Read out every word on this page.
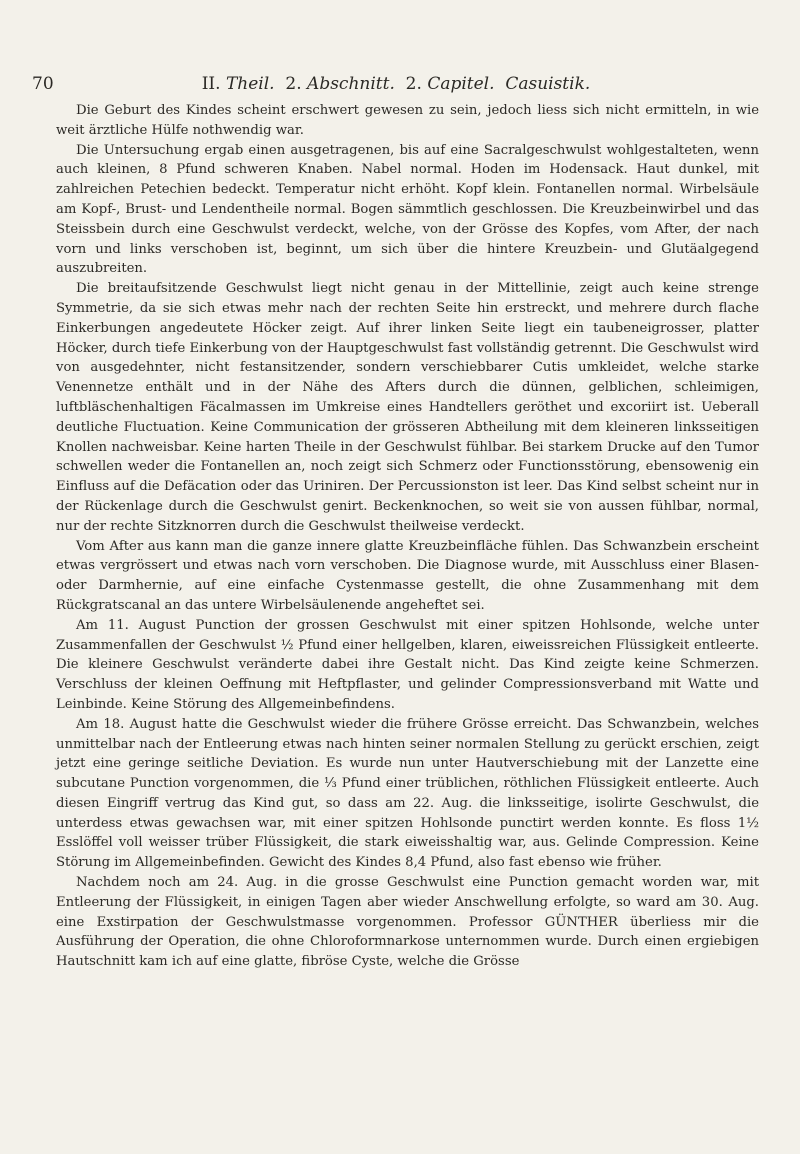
70	II. Theil. 2. Abschnitt. 2. Capitel. Casuistik.

Die Geburt des Kindes scheint erschwert gewesen zu sein, jedoch liess sich nicht ermitteln, in wie weit ärztliche Hülfe nothwendig war.

Die Untersuchung ergab einen ausgetragenen, bis auf eine Sacralgeschwulst wohlgestalteten, wenn auch kleinen, 8 Pfund schweren Knaben. Nabel normal. Hoden im Hodensack. Haut dunkel, mit zahlreichen Petechien bedeckt. Temperatur nicht erhöht. Kopf klein. Fontanellen normal. Wirbelsäule am Kopf-, Brust- und Lendentheile normal. Bogen sämmtlich geschlossen. Die Kreuzbeinwirbel und das Steissbein durch eine Geschwulst verdeckt, welche, von der Grösse des Kopfes, vom After, der nach vorn und links verschoben ist, beginnt, um sich über die hintere Kreuzbein- und Glutäalgegend auszubreiten.

Die breitaufsitzende Geschwulst liegt nicht genau in der Mittellinie, zeigt auch keine strenge Symmetrie, da sie sich etwas mehr nach der rechten Seite hin erstreckt, und mehrere durch flache Einkerbungen angedeutete Höcker zeigt. Auf ihrer linken Seite liegt ein taubeneigrosser, platter Höcker, durch tiefe Einkerbung von der Hauptgeschwulst fast vollständig getrennt. Die Geschwulst wird von ausgedehnter, nicht festansitzender, sondern verschiebbarer Cutis umkleidet, welche starke Venennetze enthält und in der Nähe des Afters durch die dünnen, gelblichen, schleimigen, luftbläschenhaltigen Fäcalmassen im Umkreise eines Handtellers geröthet und excoriirt ist. Ueberall deutliche Fluctuation. Keine Communication der grösseren Abtheilung mit dem kleineren linksseitigen Knollen nachweisbar. Keine harten Theile in der Geschwulst fühlbar. Bei starkem Drucke auf den Tumor schwellen weder die Fontanellen an, noch zeigt sich Schmerz oder Functionsstörung, ebensowenig ein Einfluss auf die Defäcation oder das Uriniren. Der Percussionston ist leer. Das Kind selbst scheint nur in der Rückenlage durch die Geschwulst genirt. Beckenknochen, so weit sie von aussen fühlbar, normal, nur der rechte Sitzknorren durch die Geschwulst theilweise verdeckt.

Vom After aus kann man die ganze innere glatte Kreuzbeinfläche fühlen. Das Schwanzbein erscheint etwas vergrössert und etwas nach vorn verschoben. Die Diagnose wurde, mit Ausschluss einer Blasen- oder Darmhernie, auf eine einfache Cystenmasse gestellt, die ohne Zusammenhang mit dem Rückgratscanal an das untere Wirbelsäulenende angeheftet sei.

Am 11. August Punction der grossen Geschwulst mit einer spitzen Hohlsonde, welche unter Zusammenfallen der Geschwulst ½ Pfund einer hellgelben, klaren, eiweissreichen Flüssigkeit entleerte. Die kleinere Geschwulst veränderte dabei ihre Gestalt nicht. Das Kind zeigte keine Schmerzen. Verschluss der kleinen Oeffnung mit Heftpflaster, und gelinder Compressionsverband mit Watte und Leinbinde. Keine Störung des Allgemeinbefindens.

Am 18. August hatte die Geschwulst wieder die frühere Grösse erreicht. Das Schwanzbein, welches unmittelbar nach der Entleerung etwas nach hinten seiner normalen Stellung zu gerückt erschien, zeigt jetzt eine geringe seitliche Deviation. Es wurde nun unter Hautverschiebung mit der Lanzette eine subcutane Punction vorgenommen, die ⅓ Pfund einer trüblichen, röthlichen Flüssigkeit entleerte. Auch diesen Eingriff vertrug das Kind gut, so dass am 22. Aug. die linksseitige, isolirte Geschwulst, die unterdess etwas gewachsen war, mit einer spitzen Hohlsonde punctirt werden konnte. Es floss 1½ Esslöffel voll weisser trüber Flüssigkeit, die stark eiweisshaltig war, aus. Gelinde Compression. Keine Störung im Allgemeinbefinden. Gewicht des Kindes 8,4 Pfund, also fast ebenso wie früher.

Nachdem noch am 24. Aug. in die grosse Geschwulst eine Punction gemacht worden war, mit Entleerung der Flüssigkeit, in einigen Tagen aber wieder Anschwellung erfolgte, so ward am 30. Aug. eine Exstirpation der Geschwulstmasse vorgenommen. Professor GÜNTHER überliess mir die Ausführung der Operation, die ohne Chloroformnarkose unternommen wurde. Durch einen ergiebigen Hautschnitt kam ich auf eine glatte, fibröse Cyste, welche die Grösse
